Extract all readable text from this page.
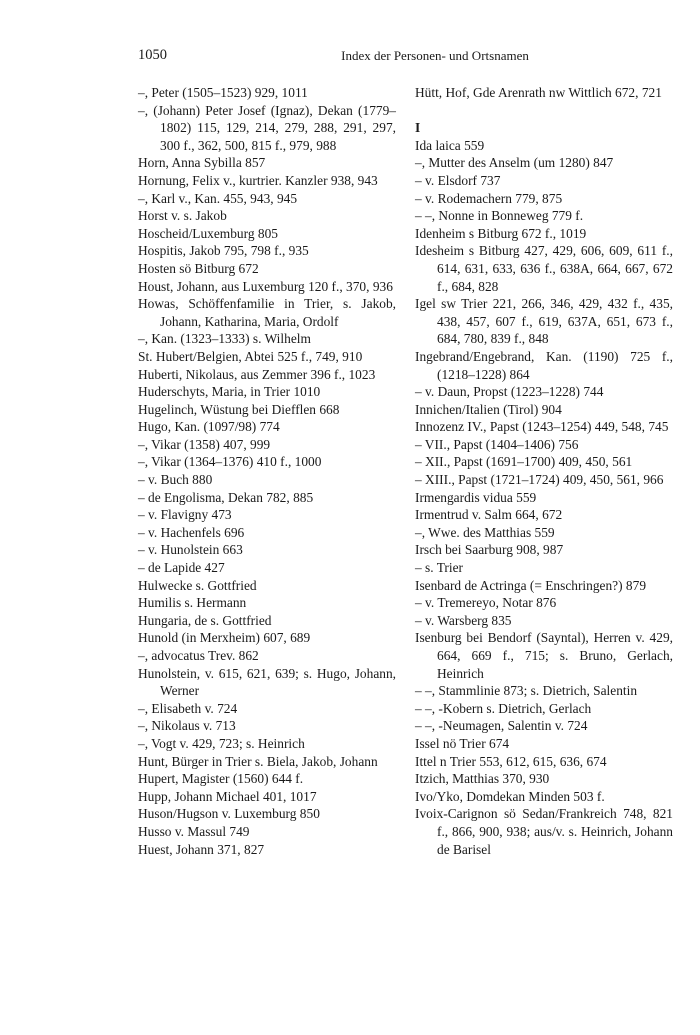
1050	Index der Personen- und Ortsnamen

–, Peter (1505–1523) 929, 1011

–, (Johann) Peter Josef (Ignaz), Dekan (1779–1802) 115, 129, 214, 279, 288, 291, 297, 300 f., 362, 500, 815 f., 979, 988

Horn, Anna Sybilla 857

Hornung, Felix v., kurtrier. Kanzler 938, 943

–, Karl v., Kan. 455, 943, 945

Horst v. s. Jakob

Hoscheid/Luxemburg 805

Hospitis, Jakob 795, 798 f., 935

Hosten sö Bitburg 672

Houst, Johann, aus Luxemburg 120 f., 370, 936

Howas, Schöffenfamilie in Trier, s. Jakob, Johann, Katharina, Maria, Ordolf

–, Kan. (1323–1333) s. Wilhelm

St. Hubert/Belgien, Abtei 525 f., 749, 910

Huberti, Nikolaus, aus Zemmer 396 f., 1023

Huderschyts, Maria, in Trier 1010

Hugelinch, Wüstung bei Diefflen 668

Hugo, Kan. (1097/98) 774

–, Vikar (1358) 407, 999

–, Vikar (1364–1376) 410 f., 1000

– v. Buch 880

– de Engolisma, Dekan 782, 885

– v. Flavigny 473

– v. Hachenfels 696

– v. Hunolstein 663

– de Lapide 427

Hulwecke s. Gottfried

Humilis s. Hermann

Hungaria, de s. Gottfried

Hunold (in Merxheim) 607, 689

–, advocatus Trev. 862

Hunolstein, v. 615, 621, 639; s. Hugo, Johann, Werner

–, Elisabeth v. 724

–, Nikolaus v. 713

–, Vogt v. 429, 723; s. Heinrich

Hunt, Bürger in Trier s. Biela, Jakob, Johann

Hupert, Magister (1560) 644 f.

Hupp, Johann Michael 401, 1017

Huson/Hugson v. Luxemburg 850

Husso v. Massul 749

Huest, Johann 371, 827

Hütt, Hof, Gde Arenrath nw Wittlich 672, 721

I

Ida laica 559

–, Mutter des Anselm (um 1280) 847

– v. Elsdorf 737

– v. Rodemachern 779, 875

– –, Nonne in Bonneweg 779 f.

Idenheim s Bitburg 672 f., 1019

Idesheim s Bitburg 427, 429, 606, 609, 611 f., 614, 631, 633, 636 f., 638A, 664, 667, 672 f., 684, 828

Igel sw Trier 221, 266, 346, 429, 432 f., 435, 438, 457, 607 f., 619, 637A, 651, 673 f., 684, 780, 839 f., 848

Ingebrand/Engebrand, Kan. (1190) 725 f., (1218–1228) 864

– v. Daun, Propst (1223–1228) 744

Innichen/Italien (Tirol) 904

Innozenz IV., Papst (1243–1254) 449, 548, 745

– VII., Papst (1404–1406) 756

– XII., Papst (1691–1700) 409, 450, 561

– XIII., Papst (1721–1724) 409, 450, 561, 966

Irmengardis vidua 559

Irmentrud v. Salm 664, 672

–, Wwe. des Matthias 559

Irsch bei Saarburg 908, 987

– s. Trier

Isenbard de Actringa (= Enschringen?) 879

– v. Tremereyo, Notar 876

– v. Warsberg 835

Isenburg bei Bendorf (Sayntal), Herren v. 429, 664, 669 f., 715; s. Bruno, Gerlach, Heinrich

– –, Stammlinie 873; s. Dietrich, Salentin

– –, -Kobern s. Dietrich, Gerlach

– –, -Neumagen, Salentin v. 724

Issel nö Trier 674

Ittel n Trier 553, 612, 615, 636, 674

Itzich, Matthias 370, 930

Ivo/Yko, Domdekan Minden 503 f.

Ivoix-Carignon sö Sedan/Frankreich 748, 821 f., 866, 900, 938; aus/v. s. Heinrich, Johann de Barisel
